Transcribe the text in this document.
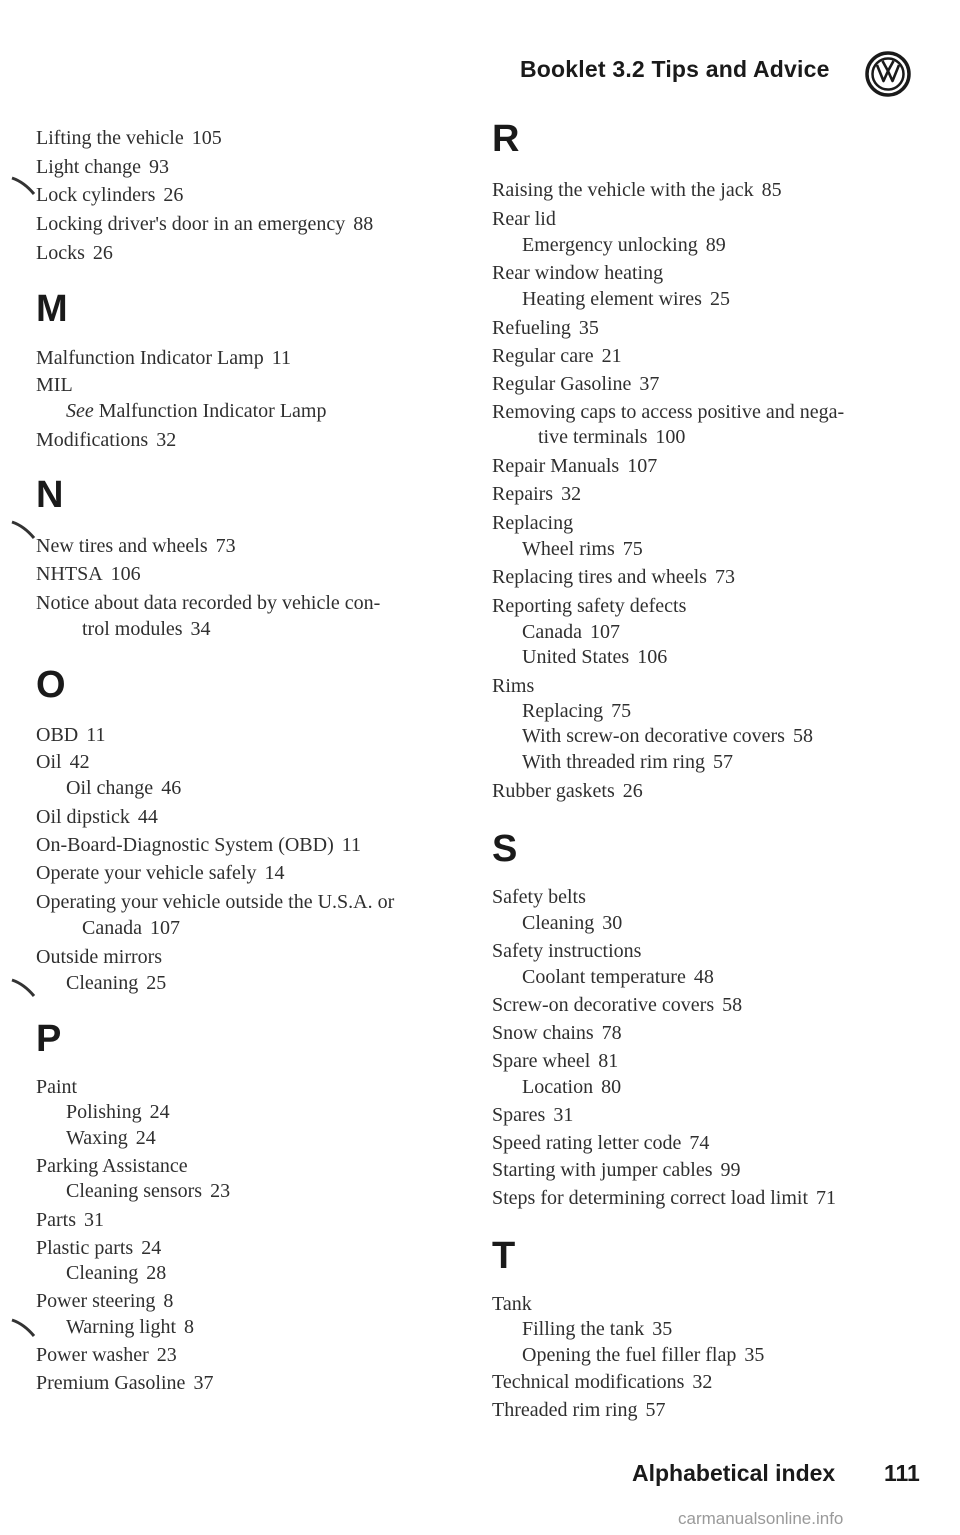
Booklet 3.2 Tips and Advice
Lifting the vehicle 105
Light change 93
Lock cylinders 26
Locking driver's door in an emergency 88
Locks 26
M
Malfunction Indicator Lamp 11
MIL
See Malfunction Indicator Lamp
Modifications 32
N
New tires and wheels 73
NHTSA 106
Notice about data recorded by vehicle con-
trol modules 34
O
OBD 11
Oil 42
Oil change 46
Oil dipstick 44
On-Board-Diagnostic System (OBD) 11
Operate your vehicle safely 14
Operating your vehicle outside the U.S.A. or
Canada 107
Outside mirrors
Cleaning 25
P
Paint
Polishing 24
Waxing 24
Parking Assistance
Cleaning sensors 23
Parts 31
Plastic parts 24
Cleaning 28
Power steering 8
Warning light 8
Power washer 23
Premium Gasoline 37
R
Raising the vehicle with the jack 85
Rear lid
Emergency unlocking 89
Rear window heating
Heating element wires 25
Refueling 35
Regular care 21
Regular Gasoline 37
Removing caps to access positive and nega-
tive terminals 100
Repair Manuals 107
Repairs 32
Replacing
Wheel rims 75
Replacing tires and wheels 73
Reporting safety defects
Canada 107
United States 106
Rims
Replacing 75
With screw-on decorative covers 58
With threaded rim ring 57
Rubber gaskets 26
S
Safety belts
Cleaning 30
Safety instructions
Coolant temperature 48
Screw-on decorative covers 58
Snow chains 78
Spare wheel 81
Location 80
Spares 31
Speed rating letter code 74
Starting with jumper cables 99
Steps for determining correct load limit 71
T
Tank
Filling the tank 35
Opening the fuel filler flap 35
Technical modifications 32
Threaded rim ring 57
Alphabetical index 111
carmanualsonline.info
